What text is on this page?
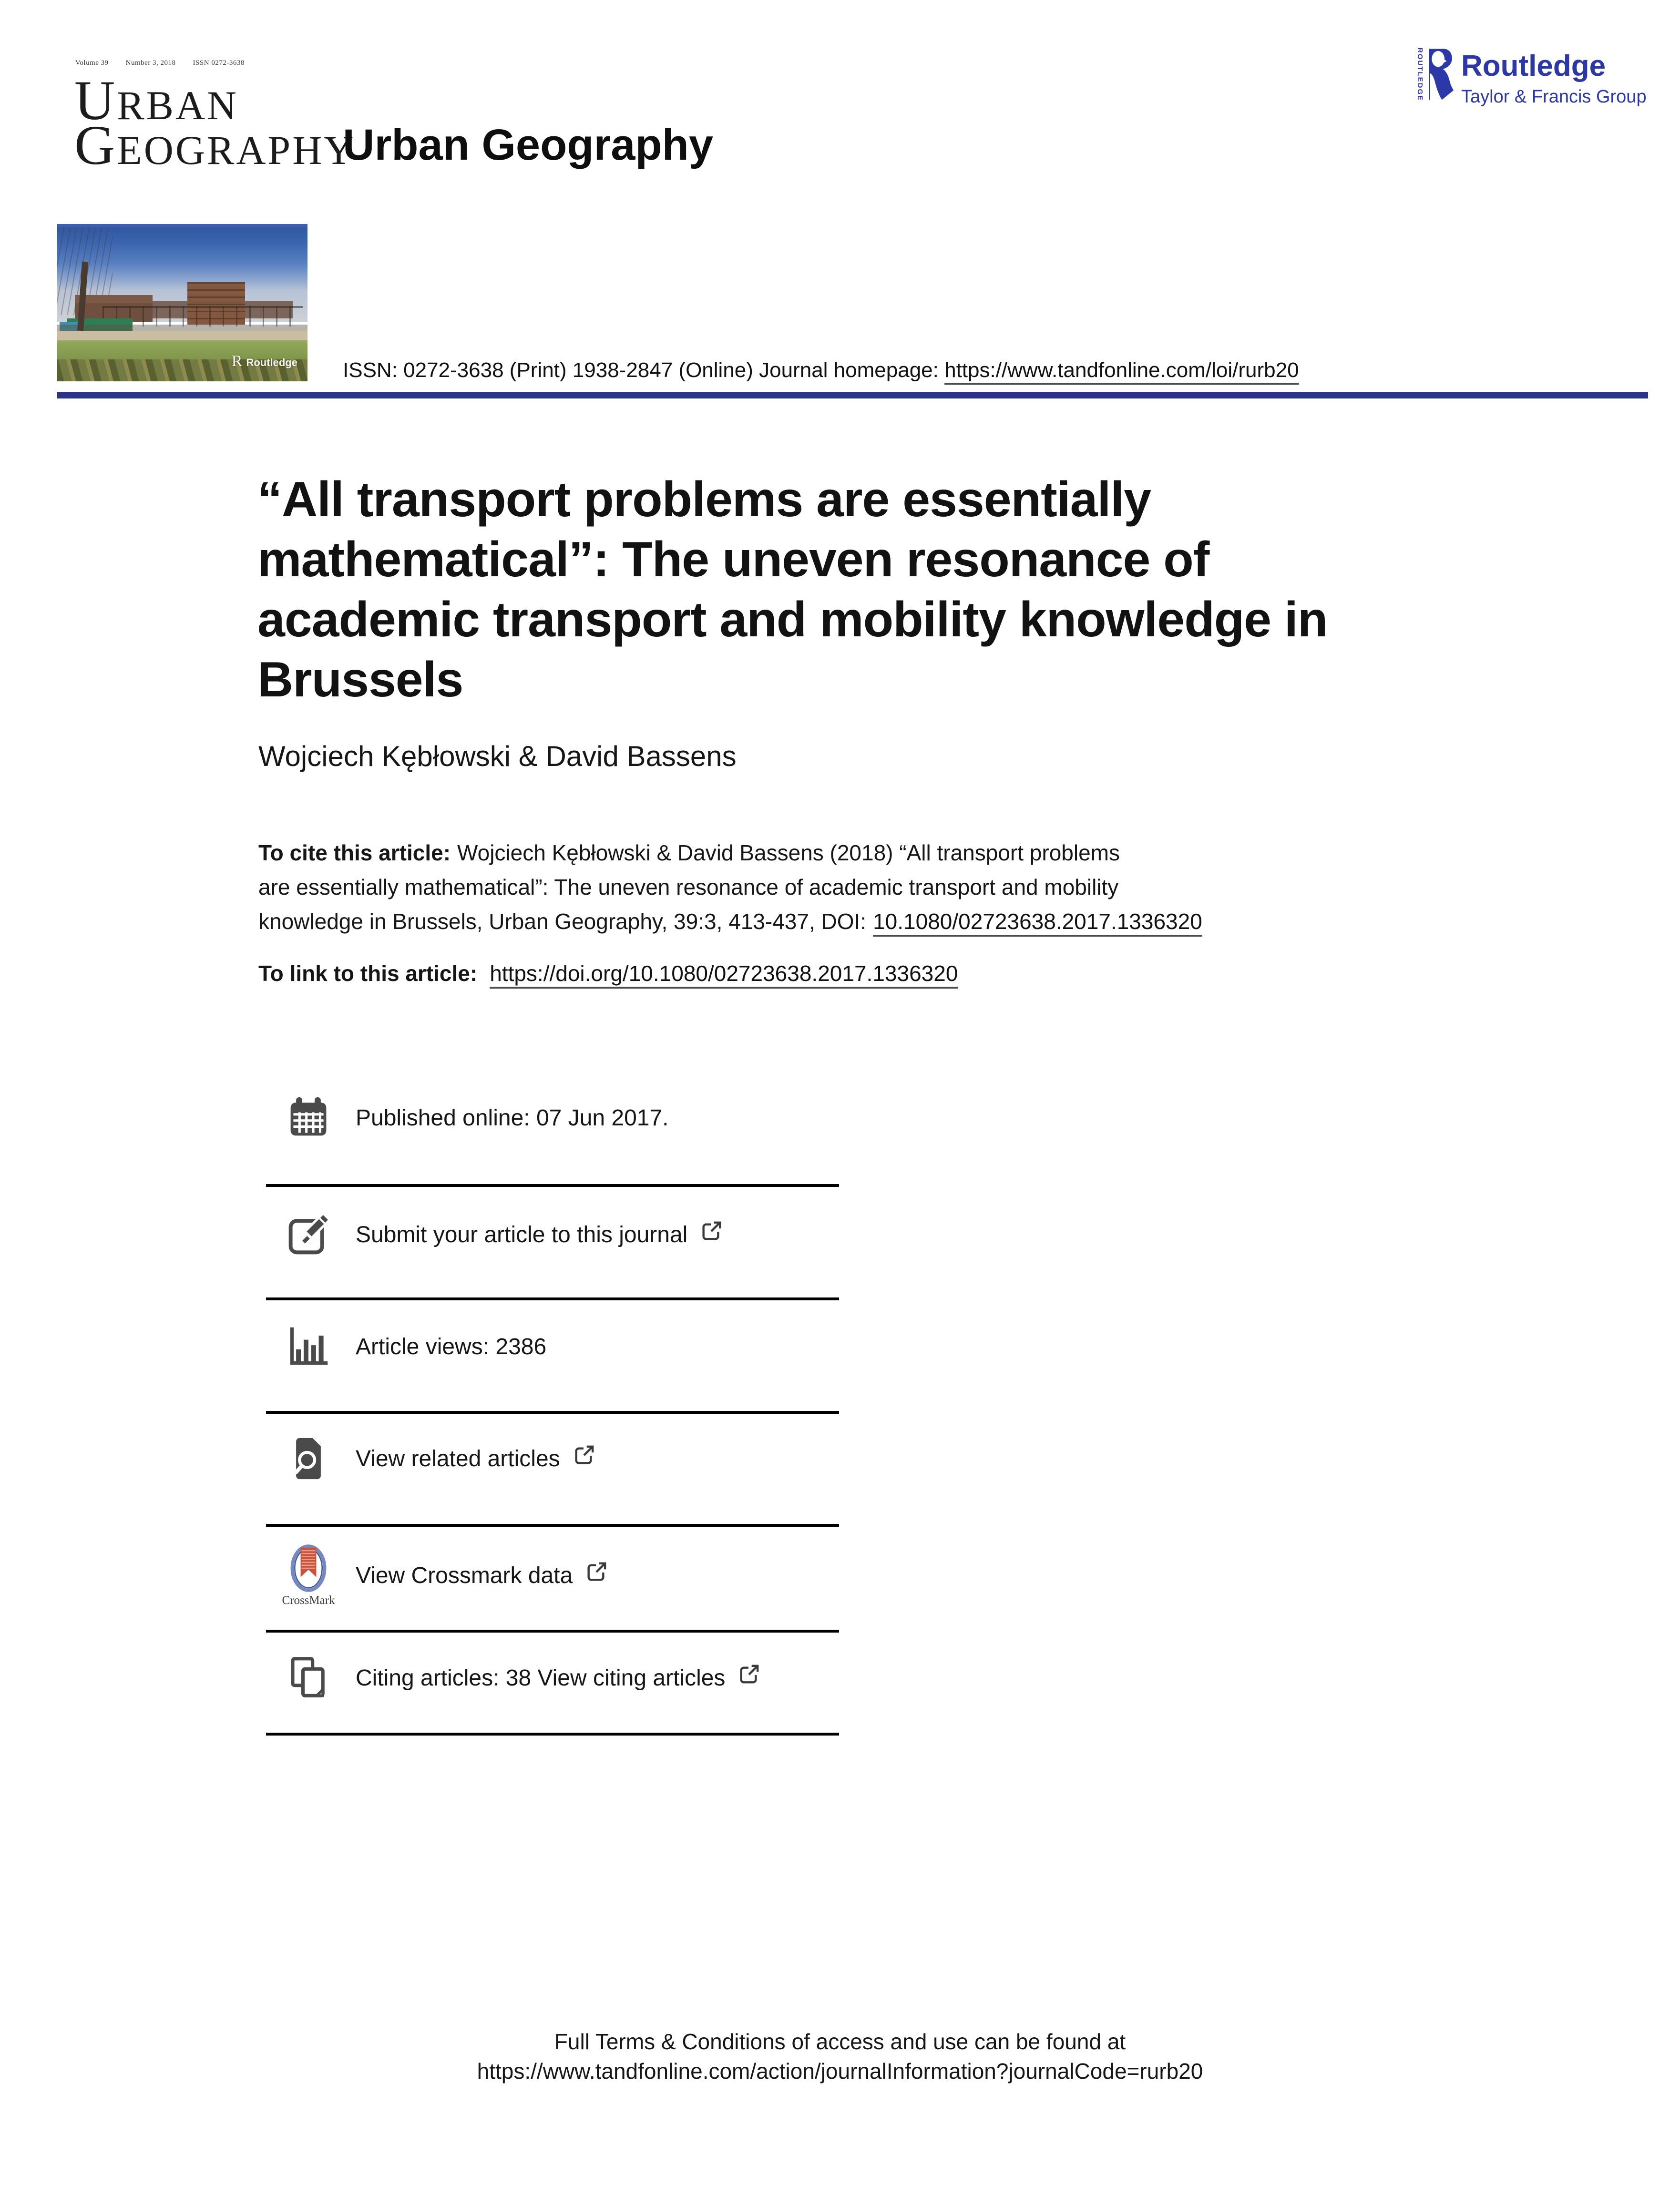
Volume 39 Number 3, 2018 ISSN 0272-3638
URBAN
GEOGRAPHY
R Routledge
ROUTLEDGE Routledge
Taylor & Francis Group
Urban Geography
ISSN: 0272-3638 (Print) 1938-2847 (Online) Journal homepage: https://www.tandfonline.com/loi/rurb20
“All transport problems are essentially
mathematical”: The uneven resonance of
academic transport and mobility knowledge in
Brussels
Wojciech Kębłowski & David Bassens
To cite this article: Wojciech Kębłowski & David Bassens (2018) “All transport problems
are essentially mathematical”: The uneven resonance of academic transport and mobility
knowledge in Brussels, Urban Geography, 39:3, 413-437, DOI: 10.1080/02723638.2017.1336320
To link to this article: https://doi.org/10.1080/02723638.2017.1336320
Published online: 07 Jun 2017.
Submit your article to this journal
Article views: 2386
View related articles
CrossMark
View Crossmark data
Citing articles: 38 View citing articles
Full Terms & Conditions of access and use can be found at
https://www.tandfonline.com/action/journalInformation?journalCode=rurb20
